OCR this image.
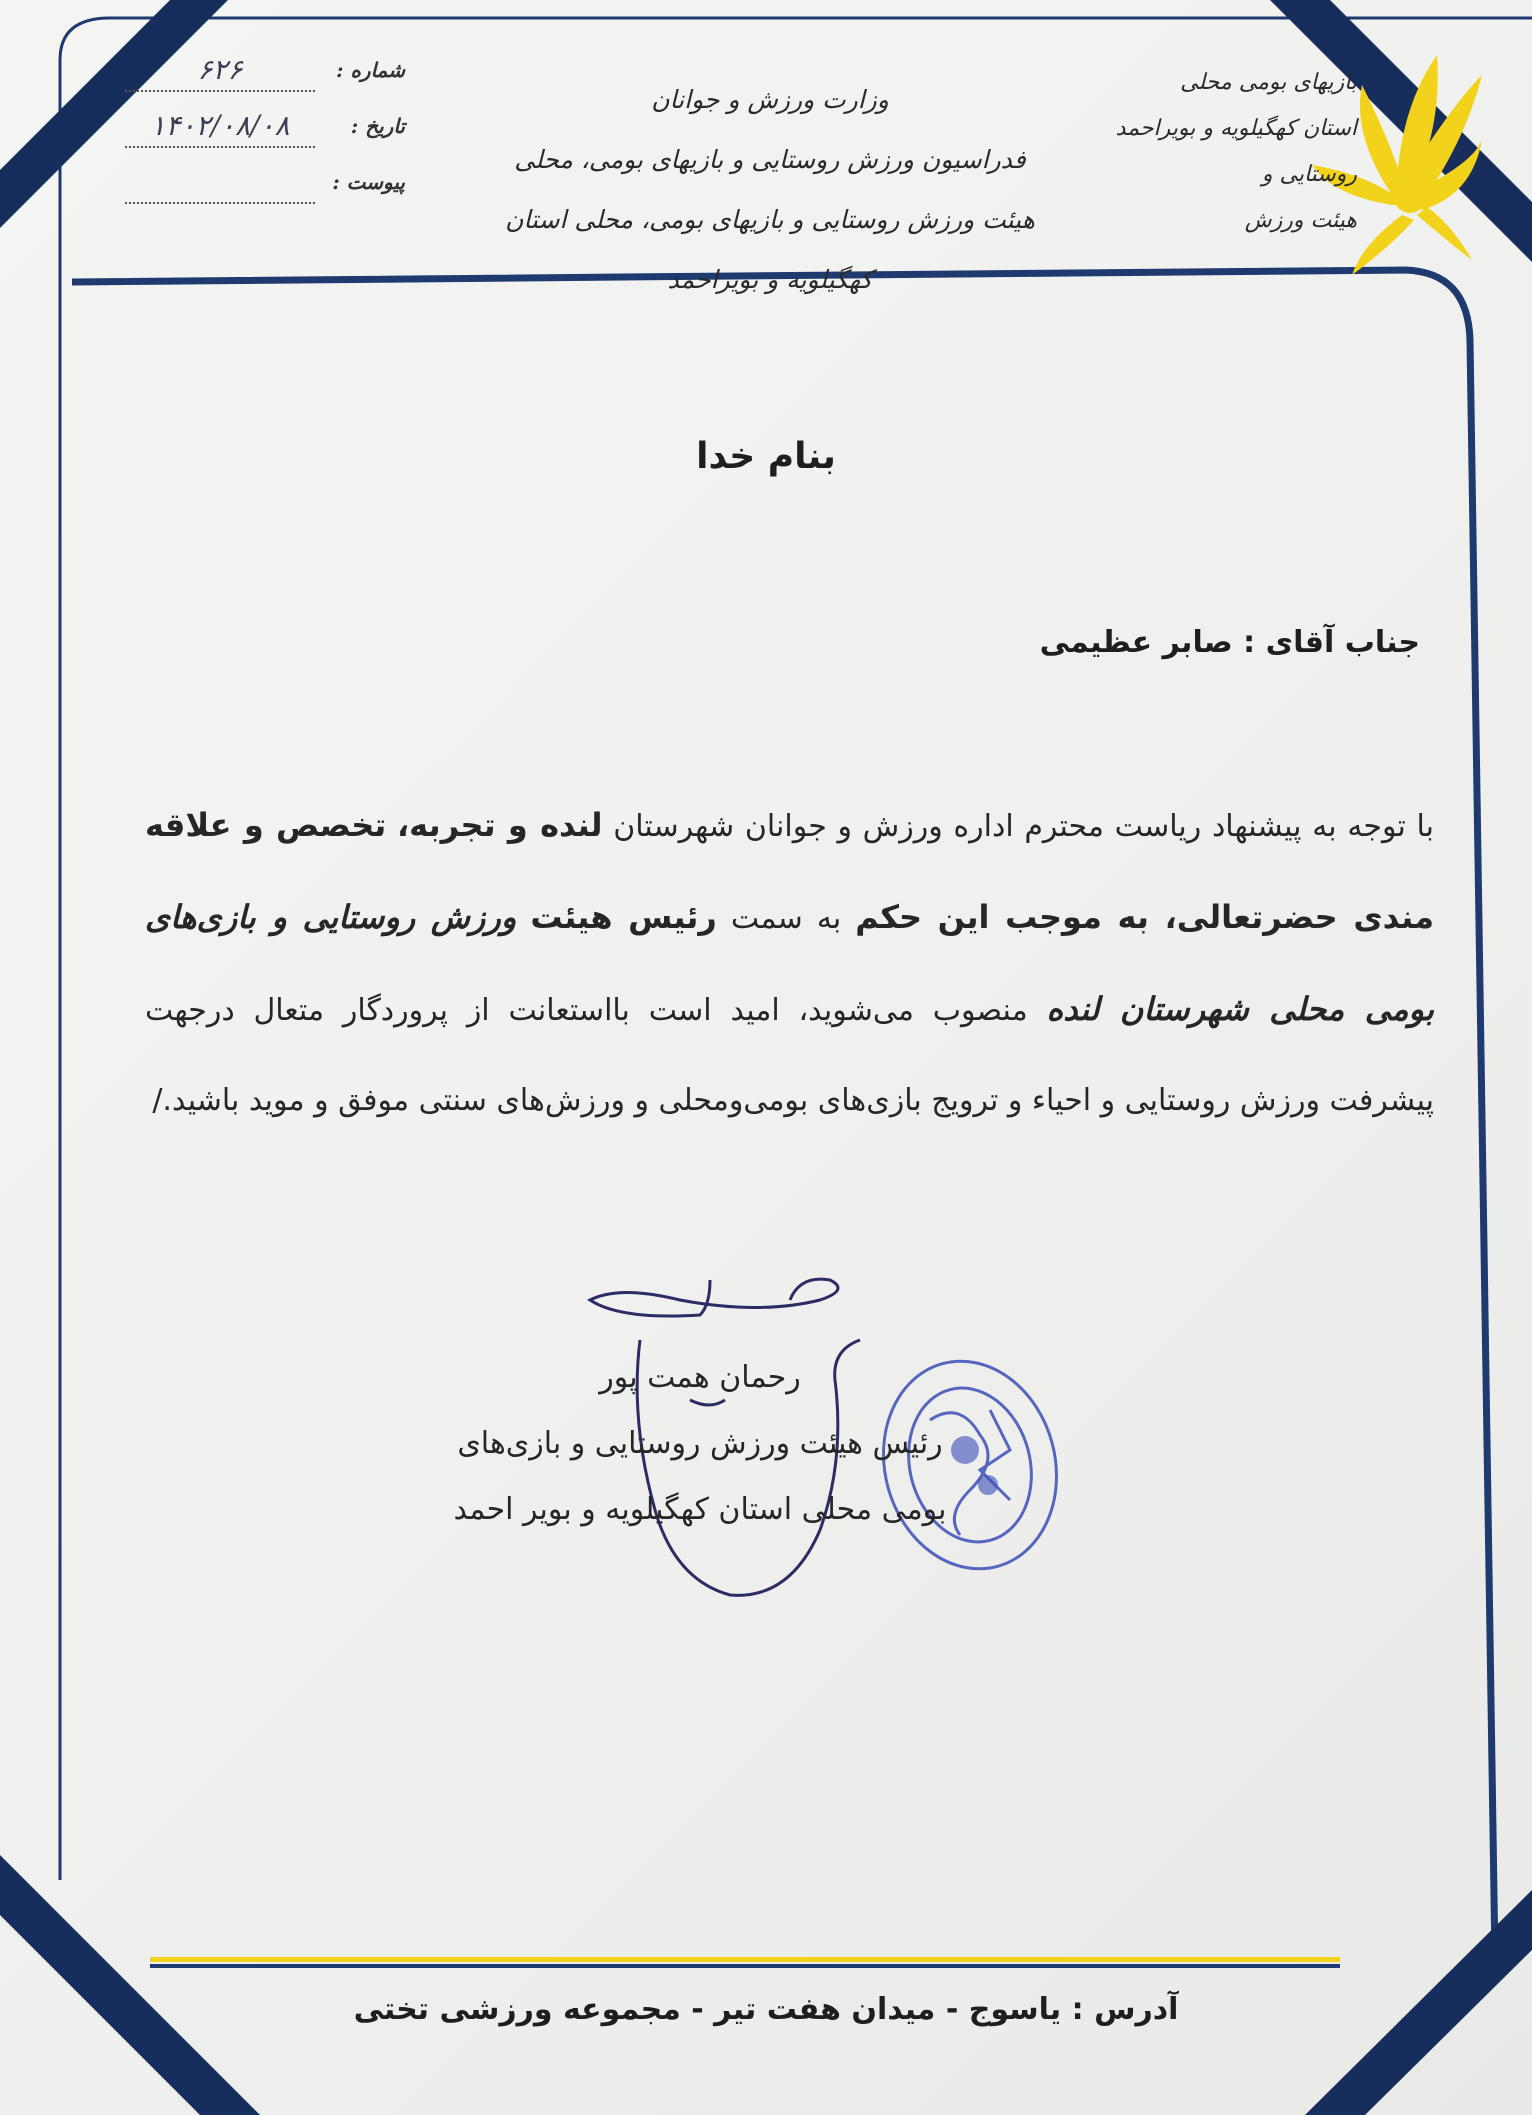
بازیهای بومی محلی
استان کهگیلویه و بویراحمد
روستایی و
هیئت ورزش
وزارت ورزش و جوانان
فدراسیون ورزش روستایی و بازیهای بومی، محلی
هیئت ورزش روستایی و بازیهای بومی، محلی استان کهگیلویه و بویراحمد
شماره :
۶۲۶
تاریخ :
۱۴۰۲/۰۸/۰۸
پیوست :
بنام خدا
جناب آقای : صابر عظیمی
با توجه به پیشنهاد ریاست محترم اداره ورزش و جوانان شهرستان لنده و تجربه، تخصص و علاقه مندی حضرتعالی، به موجب این حکم به سمت رئیس هیئت ورزش روستایی و بازی‌های بومی محلی شهرستان لنده منصوب می‌شوید، امید است بااستعانت از پروردگار متعال درجهت پیشرفت ورزش روستایی و احیاء و ترویج بازی‌های بومی‌ومحلی و ورزش‌های سنتی موفق و موید باشید./
رحمان همت پور
رئیس هیئت ورزش روستایی و بازی‌های
بومی محلی استان کهگیلویه و بویر احمد
آدرس : یاسوج - میدان هفت تیر - مجموعه ورزشی تختی
